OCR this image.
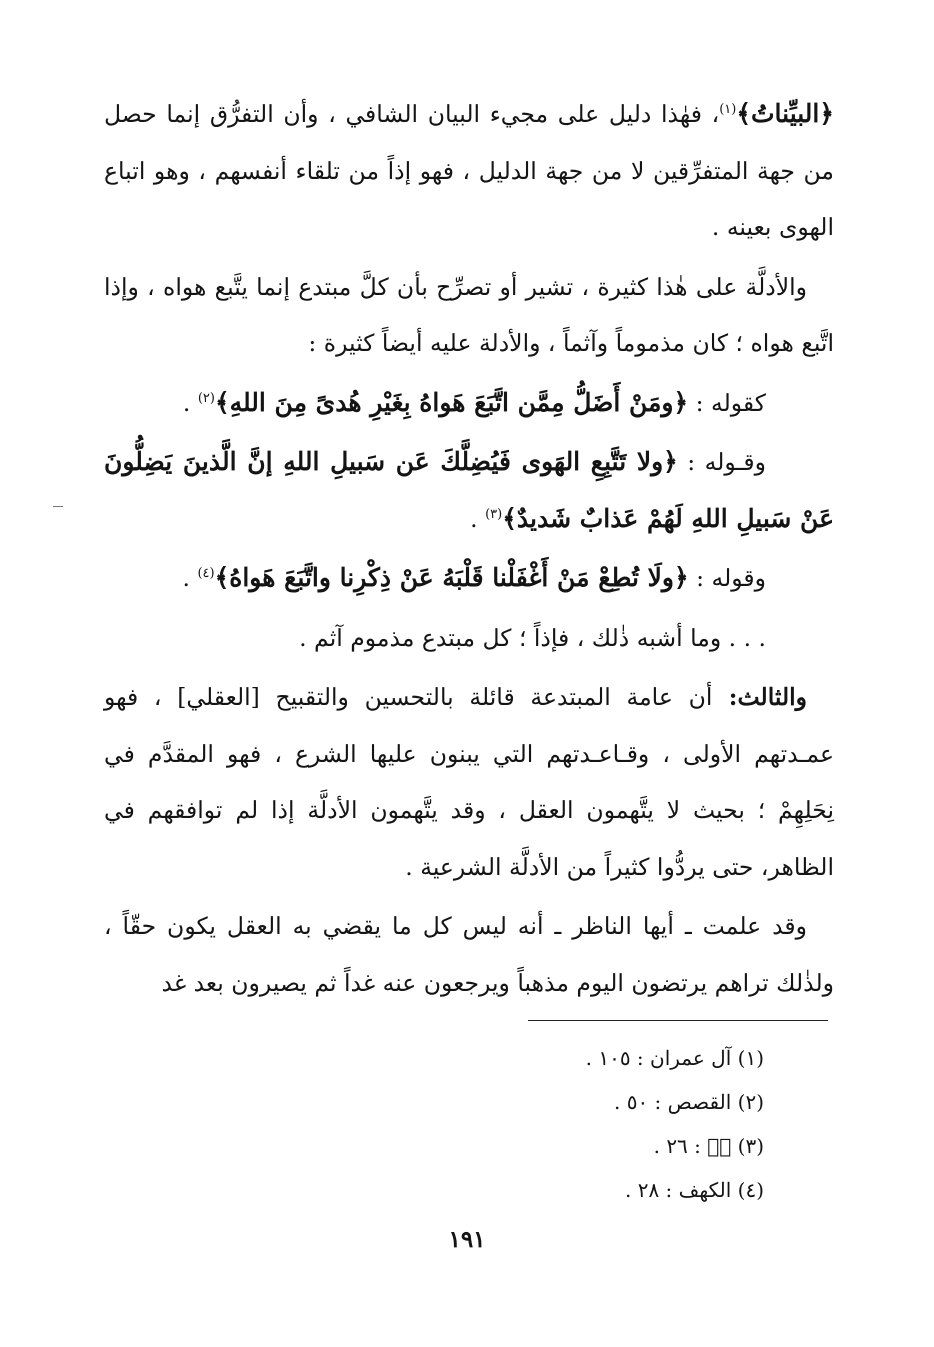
﴿البيِّناتُ﴾$^{(١)}$، فهٰذا دليل على مجيء البيان الشافي ، وأن التفرُّق إنما حصل من جهة المتفرِّقين لا من جهة الدليل ، فهو إذاً من تلقاء أنفسهم ، وهو اتباع الهوى بعينه .

والأدلَّة على هٰذا كثيرة ، تشير أو تصرِّح بأن كلَّ مبتدع إنما يتَّبع هواه ، وإذا اتَّبع هواه ؛ كان مذموماً وآثماً ، والأدلة عليه أيضاً كثيرة :

كقوله : ﴿ومَنْ أَضَلُّ مِمَّن اتَّبَعَ هَواهُ بِغَيْرِ هُدىً مِنَ اللهِ﴾$^{(٢)}$ .

وقـوله : ﴿ولا تَتَّبِعِ الهَوى فَيُضِلَّكَ عَن سَبيلِ اللهِ إنَّ الَّذينَ يَضِلُّونَ عَنْ سَبيلِ اللهِ لَهُمْ عَذابٌ شَديدٌ﴾$^{(٣)}$ .

وقوله : ﴿ولَا تُطِعْ مَنْ أَغْفَلْنا قَلْبَهُ عَنْ ذِكْرِنا واتَّبَعَ هَواهُ﴾$^{(٤)}$ .

. . . وما أشبه ذٰلك ، فإذاً ؛ كل مبتدع مذموم آثم .

والثالث: أن عامة المبتدعة قائلة بالتحسين والتقبيح [العقلي] ، فهو عمـدتهم الأولى ، وقـاعـدتهم التي يبنون عليها الشرع ، فهو المقدَّم في نِحَلِهِمْ ؛ بحيث لا يتَّهمون العقل ، وقد يتَّهمون الأدلَّة إذا لم توافقهم في الظاهر، حتى يردُّوا كثيراً من الأدلَّة الشرعية .

وقد علمت ـ أيها الناظر ـ أنه ليس كل ما يقضي به العقل يكون حقّاً ، ولذٰلك تراهم يرتضون اليوم مذهباً ويرجعون عنه غداً ثم يصيرون بعد غد

(١) آل عمران : ١٠٥ .

(٢) القصص : ٥٠ .

(٣) صۤ : ٢٦ .

(٤) الكهف : ٢٨ .

١٩١
